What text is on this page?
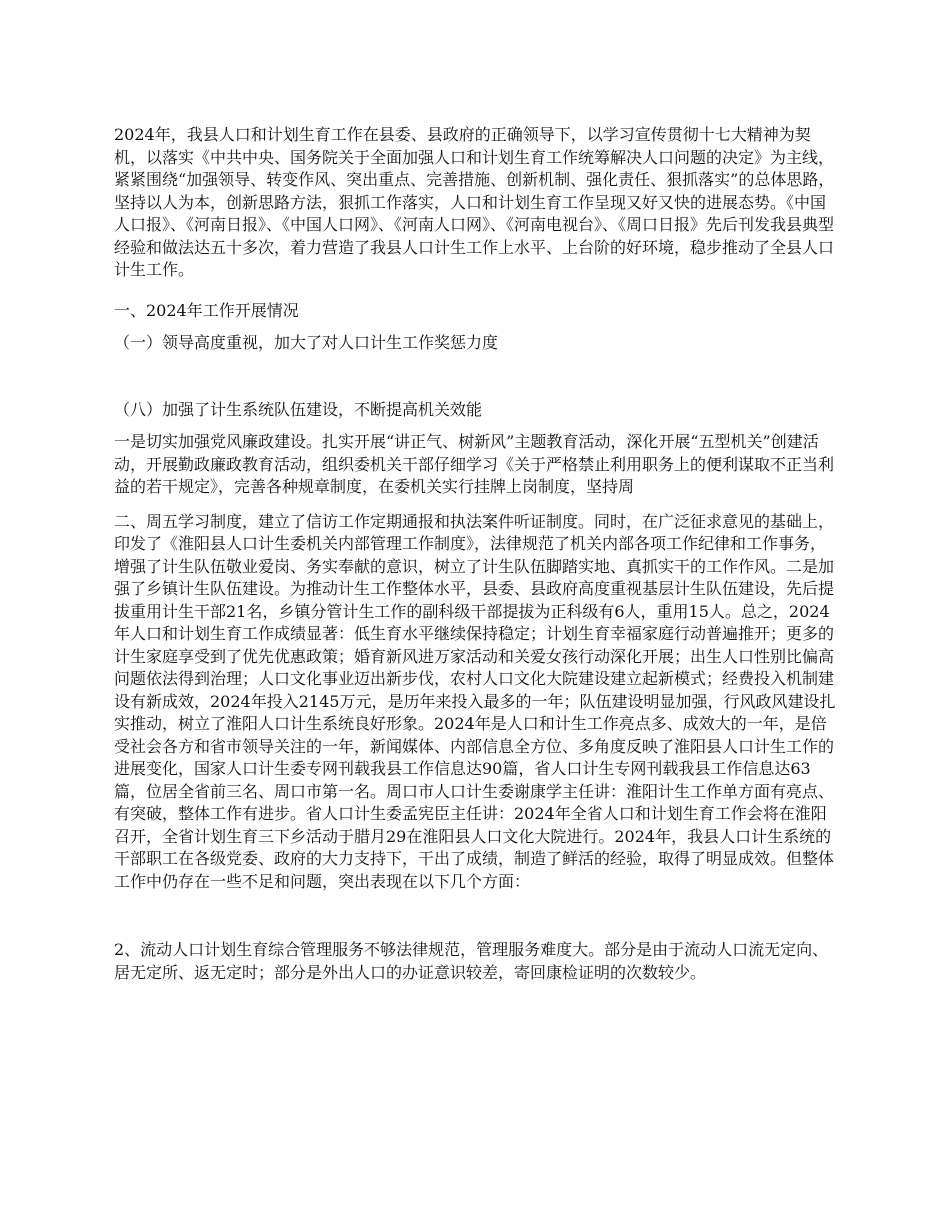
2024年，我县人口和计划生育工作在县委、县政府的正确领导下，以学习宣传贯彻十七大精神为契机，以落实《中共中央、国务院关于全面加强人口和计划生育工作统筹解决人口问题的决定》为主线，紧紧围绕“加强领导、转变作风、突出重点、完善措施、创新机制、强化责任、狠抓落实”的总体思路，坚持以人为本，创新思路方法，狠抓工作落实，人口和计划生育工作呈现又好又快的进展态势。《中国人口报》、《河南日报》、《中国人口网》、《河南人口网》、《河南电视台》、《周口日报》先后刊发我县典型经验和做法达五十多次，着力营造了我县人口计生工作上水平、上台阶的好环境，稳步推动了全县人口计生工作。

一、2024年工作开展情况

（一）领导高度重视，加大了对人口计生工作奖惩力度

（八）加强了计生系统队伍建设，不断提高机关效能

一是切实加强党风廉政建设。扎实开展“讲正气、树新风”主题教育活动，深化开展“五型机关”创建活动，开展勤政廉政教育活动，组织委机关干部仔细学习《关于严格禁止利用职务上的便利谋取不正当利益的若干规定》，完善各种规章制度，在委机关实行挂牌上岗制度，坚持周

二、周五学习制度，建立了信访工作定期通报和执法案件听证制度。同时，在广泛征求意见的基础上，印发了《淮阳县人口计生委机关内部管理工作制度》，法律规范了机关内部各项工作纪律和工作事务，增强了计生队伍敬业爱岗、务实奉献的意识，树立了计生队伍脚踏实地、真抓实干的工作作风。二是加强了乡镇计生队伍建设。为推动计生工作整体水平，县委、县政府高度重视基层计生队伍建设，先后提拔重用计生干部21名，乡镇分管计生工作的副科级干部提拔为正科级有6人，重用15人。总之，2024年人口和计划生育工作成绩显著：低生育水平继续保持稳定；计划生育幸福家庭行动普遍推开；更多的计生家庭享受到了优先优惠政策；婚育新风进万家活动和关爱女孩行动深化开展；出生人口性别比偏高问题依法得到治理；人口文化事业迈出新步伐，农村人口文化大院建设建立起新模式；经费投入机制建设有新成效，2024年投入2145万元，是历年来投入最多的一年；队伍建设明显加强，行风政风建设扎实推动，树立了淮阳人口计生系统良好形象。2024年是人口和计生工作亮点多、成效大的一年，是倍受社会各方和省市领导关注的一年，新闻媒体、内部信息全方位、多角度反映了淮阳县人口计生工作的进展变化，国家人口计生委专网刊载我县工作信息达90篇，省人口计生专网刊载我县工作信息达63篇，位居全省前三名、周口市第一名。周口市人口计生委谢康学主任讲：淮阳计生工作单方面有亮点、有突破，整体工作有进步。省人口计生委孟宪臣主任讲：2024年全省人口和计划生育工作会将在淮阳召开，全省计划生育三下乡活动于腊月29在淮阳县人口文化大院进行。2024年，我县人口计生系统的干部职工在各级党委、政府的大力支持下，干出了成绩，制造了鲜活的经验，取得了明显成效。但整体工作中仍存在一些不足和问题，突出表现在以下几个方面：

2、流动人口计划生育综合管理服务不够法律规范，管理服务难度大。部分是由于流动人口流无定向、居无定所、返无定时；部分是外出人口的办证意识较差，寄回康检证明的次数较少。
